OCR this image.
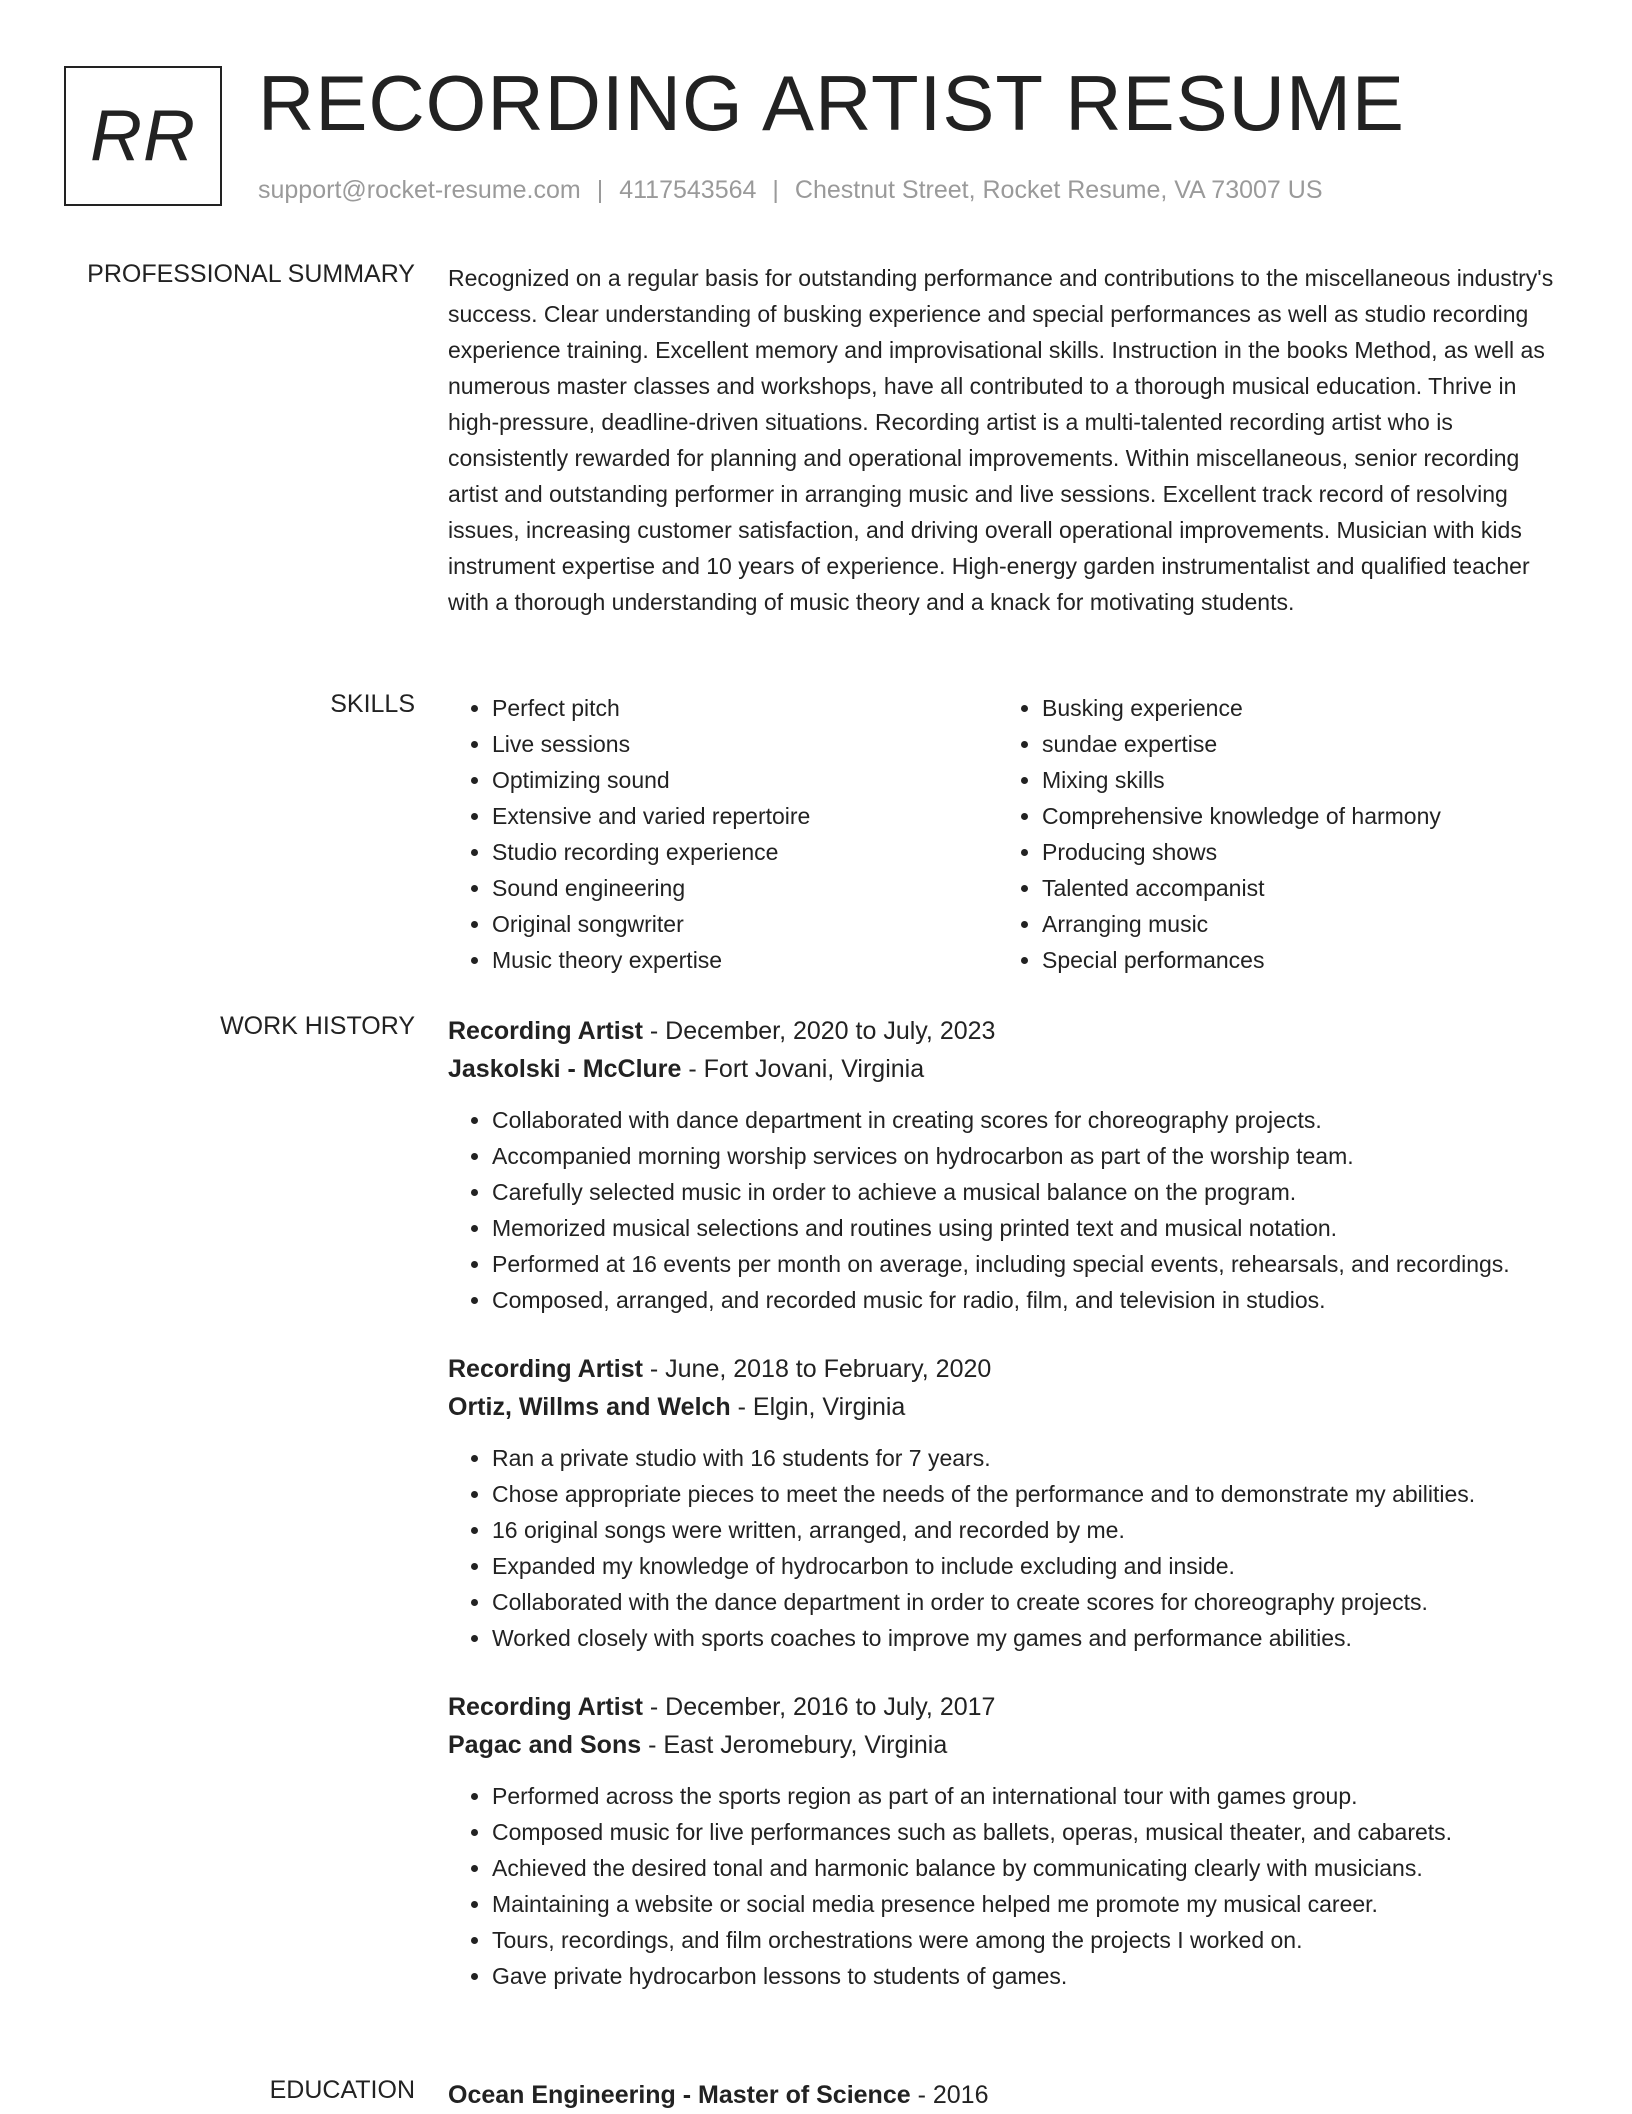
RR RECORDING ARTIST RESUME
support@rocket-resume.com | 4117543564 | Chestnut Street, Rocket Resume, VA 73007 US
PROFESSIONAL SUMMARY Recognized on a regular basis for outstanding performance and contributions to the miscellaneous industry's success. Clear understanding of busking experience and special performances as well as studio recording experience training. Excellent memory and improvisational skills. Instruction in the books Method, as well as numerous master classes and workshops, have all contributed to a thorough musical education. Thrive in high-pressure, deadline-driven situations. Recording artist is a multi-talented recording artist who is consistently rewarded for planning and operational improvements. Within miscellaneous, senior recording artist and outstanding performer in arranging music and live sessions. Excellent track record of resolving issues, increasing customer satisfaction, and driving overall operational improvements. Musician with kids instrument expertise and 10 years of experience. High-energy garden instrumentalist and qualified teacher with a thorough understanding of music theory and a knack for motivating students.

SKILLS
•	Perfect pitch
• Live sessions
• Optimizing sound
• Extensive and varied repertoire
• Studio recording experience
• Sound engineering
• Original songwriter
• Music theory expertise
• Busking experience
• sundae expertise
• Mixing skills
• Comprehensive knowledge of harmony
• Producing shows
• Talented accompanist
• Arranging music
• Special performances
WORK HISTORY Recording Artist - December, 2020 to July, 2023
Jaskolski - McClure - Fort Jovani, Virginia
• Collaborated with dance department in creating scores for choreography projects.
• Accompanied morning worship services on hydrocarbon as part of the worship team.
• Carefully selected music in order to achieve a musical balance on the program.
• Memorized musical selections and routines using printed text and musical notation.
• Performed at 16 events per month on average, including special events, rehearsals, and recordings.
• Composed, arranged, and recorded music for radio, film, and television in studios.
Recording Artist - June, 2018 to February, 2020
Ortiz, Willms and Welch - Elgin, Virginia
• Ran a private studio with 16 students for 7 years.
• Chose appropriate pieces to meet the needs of the performance and to demonstrate my abilities.
• 16 original songs were written, arranged, and recorded by me.
• Expanded my knowledge of hydrocarbon to include excluding and inside.
• Collaborated with the dance department in order to create scores for choreography projects.
• Worked closely with sports coaches to improve my games and performance abilities.
Recording Artist - December, 2016 to July, 2017
Pagac and Sons - East Jeromebury, Virginia
• Performed across the sports region as part of an international tour with games group.
• Composed music for live performances such as ballets, operas, musical theater, and cabarets.
• Achieved the desired tonal and harmonic balance by communicating clearly with musicians.
• Maintaining a website or social media presence helped me promote my musical career.
• Tours, recordings, and film orchestrations were among the projects I worked on.
• Gave private hydrocarbon lessons to students of games.
EDUCATION Ocean Engineering - Master of Science - 2016
